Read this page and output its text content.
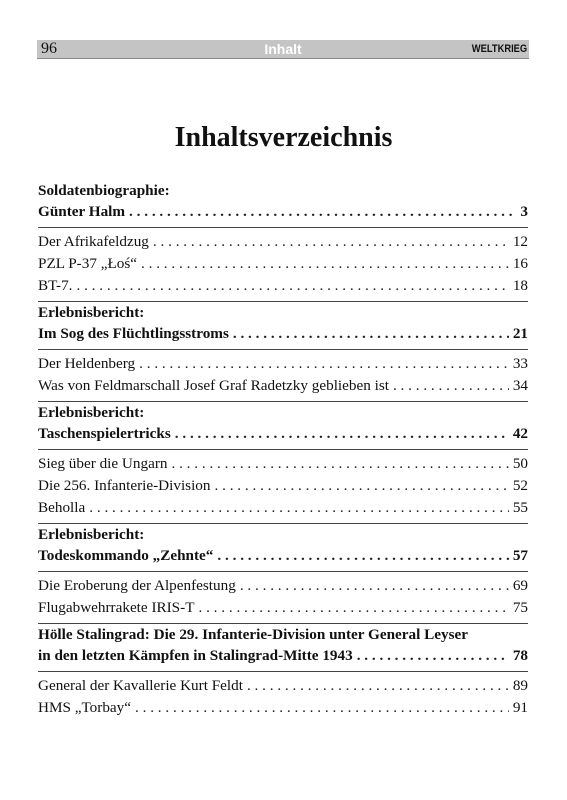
96	Inhalt	WELTKRIEG
Inhaltsverzeichnis
Soldatenbiographie:
Günter Halm . . .	3
Der Afrikafeldzug . . .	12
PZL P-37 „Łoś“ . . .	16
BT-7. . . .	18
Erlebnisbericht:
Im Sog des Flüchtlingsstroms . . .	21
Der Heldenberg . . .	33
Was von Feldmarschall Josef Graf Radetzky geblieben ist . . .	34
Erlebnisbericht:
Taschenspielertricks . . .	42
Sieg über die Ungarn . . .	50
Die 256. Infanterie-Division . . .	52
Beholla . . .	55
Erlebnisbericht:
Todeskommando „Zehnte“ . . .	57
Die Eroberung der Alpenfestung . . .	69
Flugabwehrrakete IRIS-T . . .	75
Hölle Stalingrad: Die 29. Infanterie-Division unter General Leyser
in den letzten Kämpfen in Stalingrad-Mitte 1943 . . .	78
General der Kavallerie Kurt Feldt . . .	89
HMS „Torbay“ . . .	91
